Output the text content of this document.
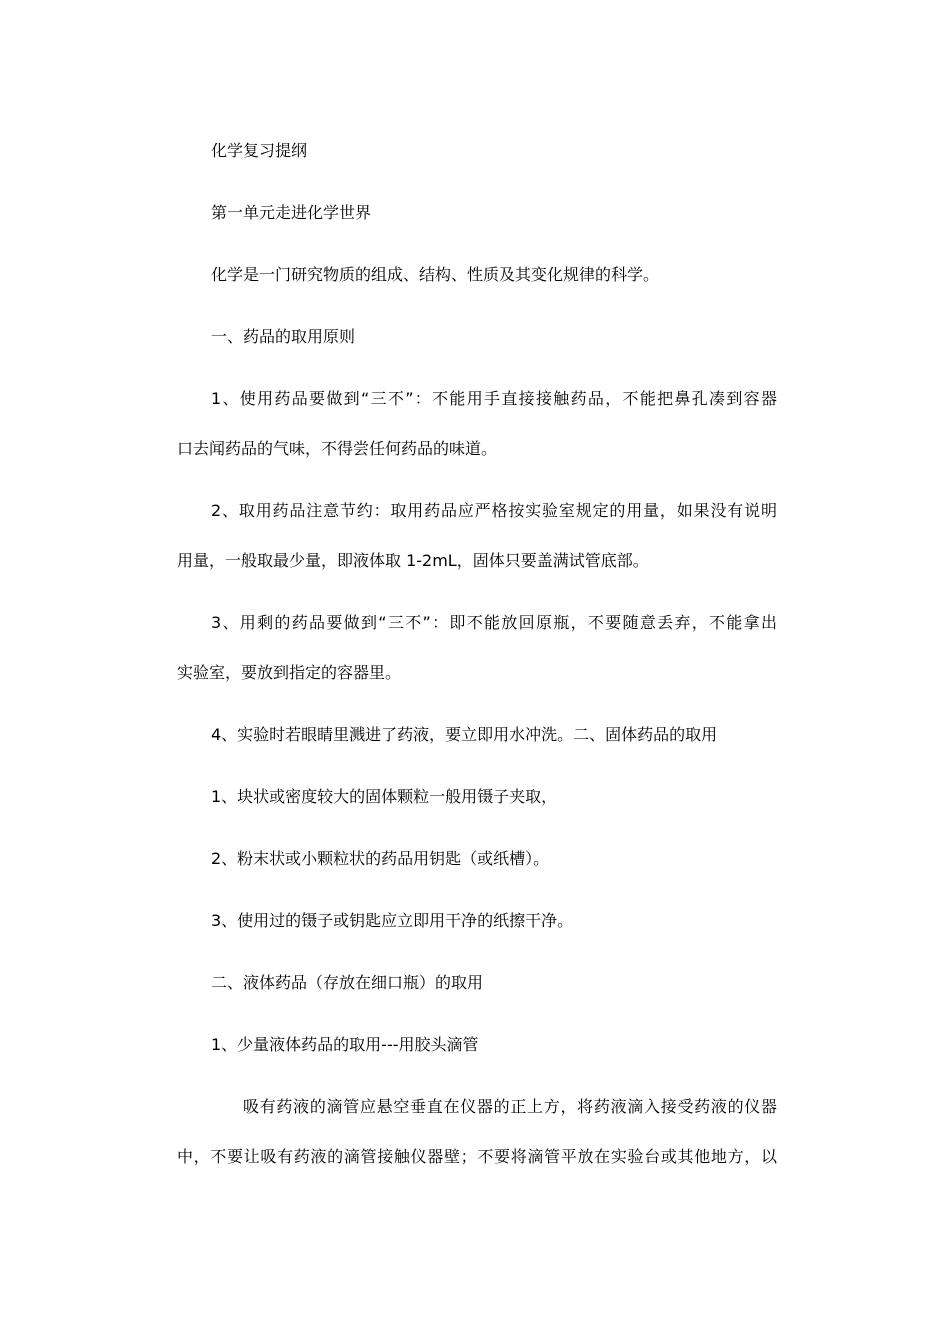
化学复习提纲
第一单元走进化学世界
化学是一门研究物质的组成、结构、性质及其变化规律的科学。
一、药品的取用原则
1、使用药品要做到“三不”：不能用手直接接触药品，不能把鼻孔凑到容器
口去闻药品的气味，不得尝任何药品的味道。
2、取用药品注意节约：取用药品应严格按实验室规定的用量，如果没有说明
用量，一般取最少量，即液体取 1-2mL，固体只要盖满试管底部。
3、用剩的药品要做到“三不”：即不能放回原瓶，不要随意丢弃，不能拿出
实验室，要放到指定的容器里。
4、实验时若眼睛里溅进了药液，要立即用水冲洗。二、固体药品的取用
1、块状或密度较大的固体颗粒一般用镊子夹取，
2、粉末状或小颗粒状的药品用钥匙（或纸槽）。
3、使用过的镊子或钥匙应立即用干净的纸擦干净。
二、液体药品（存放在细口瓶）的取用
1、少量液体药品的取用---用胶头滴管
吸有药液的滴管应悬空垂直在仪器的正上方，将药液滴入接受药液的仪器
中，不要让吸有药液的滴管接触仪器壁；不要将滴管平放在实验台或其他地方，以
